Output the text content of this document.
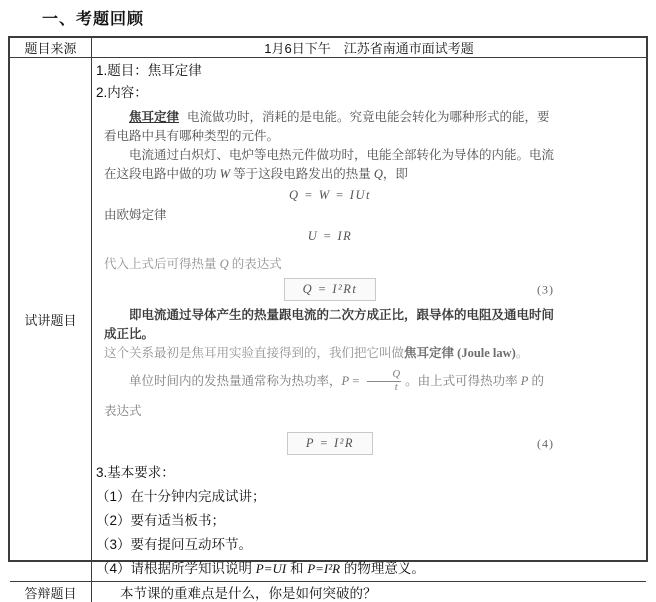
一、考题回顾
题目来源	1月6日下午　江苏省南通市面试考题
试讲题目
1.题目：焦耳定律
2.内容：

焦耳定律 电流做功时，消耗的是电能。究竟电能会转化为哪种形式的能，要看电路中具有哪种类型的元件。

电流通过白炽灯、电炉等电热元件做功时，电能全部转化为导体的内能。电流在这段电路中做的功 W 等于这段电路发出的热量 Q，即

Q = W = IUt

由欧姆定律

U = IR

代入上式后可得热量 Q 的表达式

Q = I²Rt	(3)

即电流通过导体产生的热量跟电流的二次方成正比，跟导体的电阻及通电时间成正比。

这个关系最初是焦耳用实验直接得到的，我们把它叫做焦耳定律 (Joule law)。

单位时间内的发热量通常称为热功率，$P = \frac{Q}{t}$ 。由上式可得热功率 P 的表达式

P = I²R	(4)
3.基本要求：
（1）在十分钟内完成试讲；
（2）要有适当板书；
（3）要有提问互动环节。
（4）请根据所学知识说明 P=UI 和 P=I²R 的物理意义。
答辩题目	本节课的重难点是什么，你是如何突破的？
